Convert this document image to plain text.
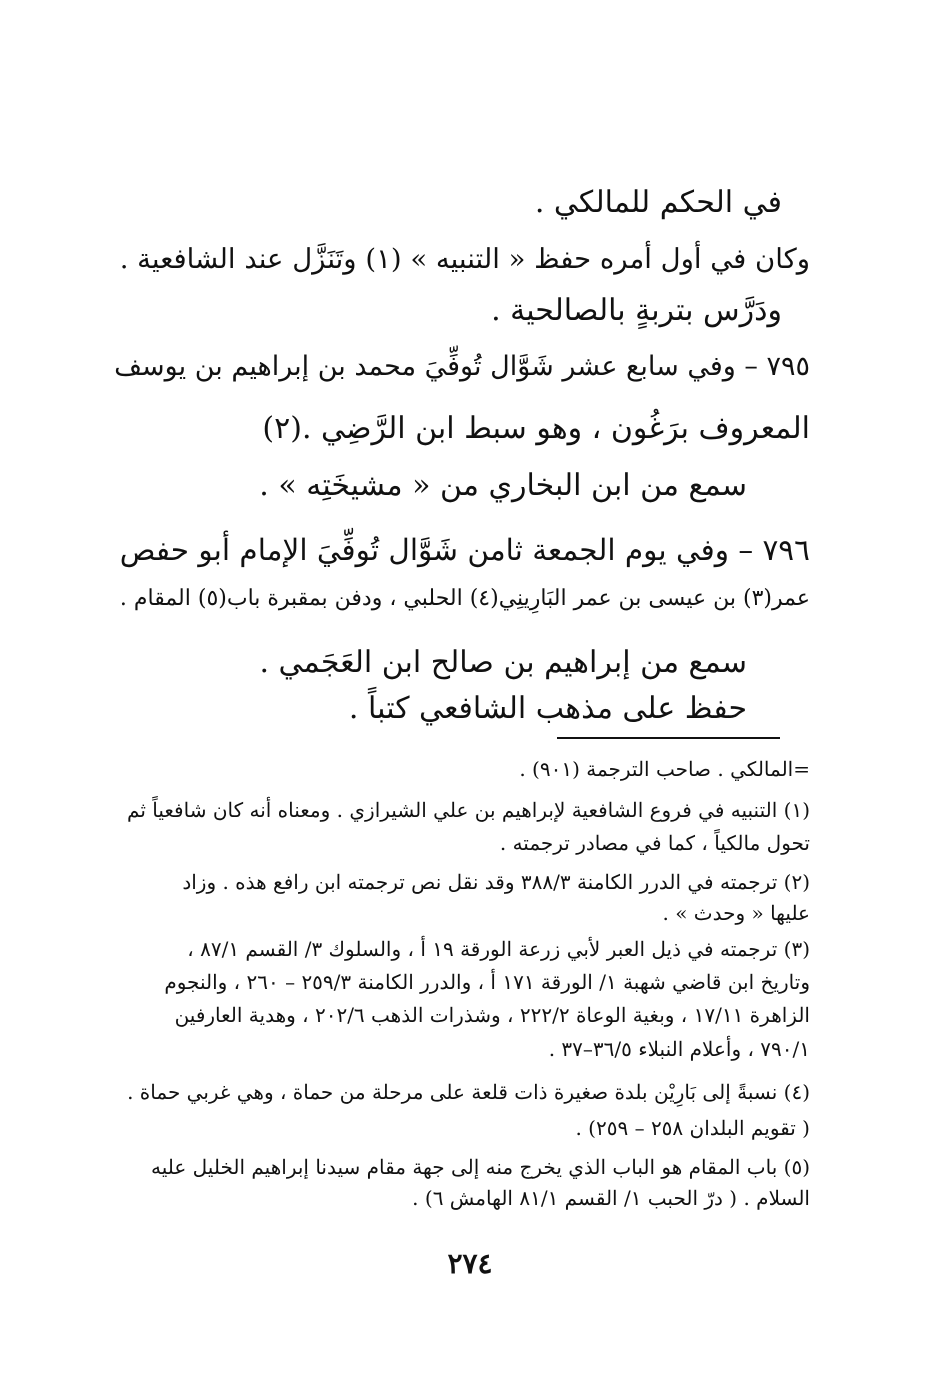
في الحكم للمالكي .
وكان في أول أمره حفظ « التنبيه » (١) وتَنَزَّل عند الشافعية .
ودَرَّس بتربةٍ بالصالحية .
٧٩٥ – وفي سابع عشر شَوَّال تُوفِّيَ محمد بن إبراهيم بن يوسف
المعروف برَغُون ، وهو سبط ابن الرَّضِي .(٢)
سمع من ابن البخاري من « مشيخَتِه » .
٧٩٦ – وفي يوم الجمعة ثامن شَوَّال تُوفِّيَ الإمام أبو حفص
عمر(٣) بن عيسى بن عمر البَارِينِي(٤) الحلبي ، ودفن بمقبرة باب(٥) المقام .
سمع من إبراهيم بن صالح ابن العَجَمي .
حفظ على مذهب الشافعي كتباً .
=المالكي . صاحب الترجمة (٩٠١) .
(١) التنبيه في فروع الشافعية لإبراهيم بن علي الشيرازي . ومعناه أنه كان شافعياً ثم
تحول مالكياً ، كما في مصادر ترجمته .
(٢) ترجمته في الدرر الكامنة ٣٨٨/٣ وقد نقل نص ترجمته ابن رافع هذه . وزاد
عليها « وحدث » .
(٣) ترجمته في ذيل العبر لأبي زرعة الورقة ١٩ أ ، والسلوك ٣/ القسم ٨٧/١ ،
وتاريخ ابن قاضي شهبة ١/ الورقة ١٧١ أ ، والدرر الكامنة ٢٥٩/٣ – ٢٦٠ ، والنجوم
الزاهرة ١٧/١١ ، وبغية الوعاة ٢٢٢/٢ ، وشذرات الذهب ٢٠٢/٦ ، وهدية العارفين
٧٩٠/١ ، وأعلام النبلاء ٣٦/٥–٣٧ .
(٤) نسبةً إلى بَارِيْن بلدة صغيرة ذات قلعة على مرحلة من حماة ، وهي غربي حماة .
( تقويم البلدان ٢٥٨ – ٢٥٩) .
(٥) باب المقام هو الباب الذي يخرج منه إلى جهة مقام سيدنا إبراهيم الخليل عليه
السلام . ( درّ الحبب ١/ القسم ٨١/١ الهامش ٦) .
٢٧٤
